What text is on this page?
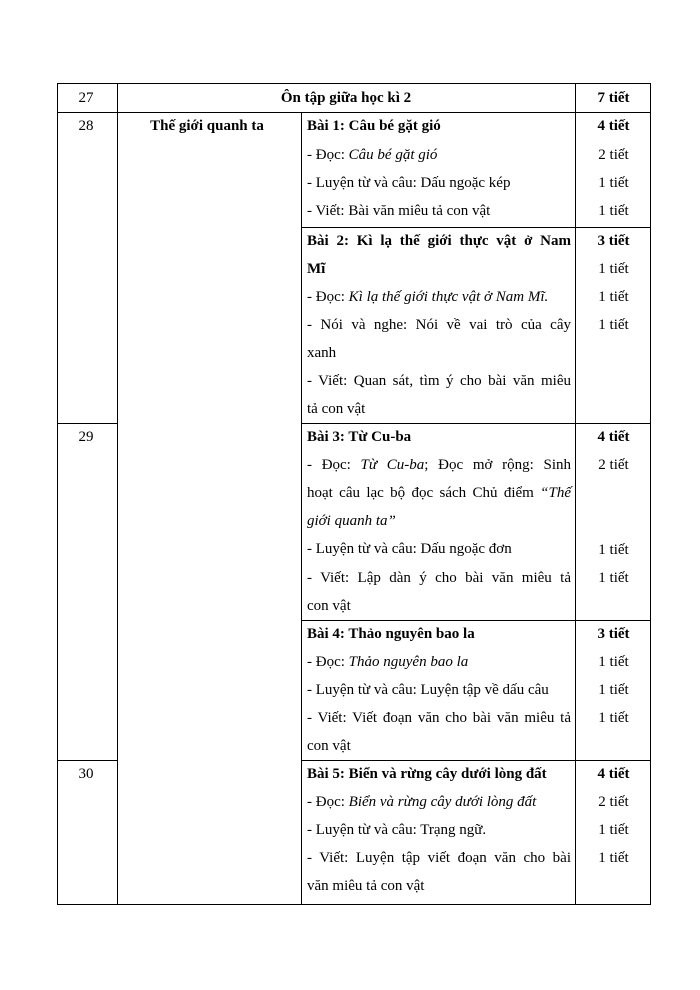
27	Ôn tập giữa học kì 2	7 tiết
28	Thế giới quanh ta	Bài 1: Câu bé gặt gió	4 tiết
- Đọc: Câu bé gặt gió	2 tiết
- Luyện từ và câu: Dấu ngoặc kép	1 tiết
- Viết: Bài văn miêu tả con vật	1 tiết
Bài 2: Kì lạ thế giới thực vật ở Nam	3 tiết
Mĩ	1 tiết
- Đọc: Kì lạ thế giới thực vật ở Nam Mĩ.	1 tiết
- Nói và nghe: Nói về vai trò của cây	1 tiết
xanh
- Viết: Quan sát, tìm ý cho bài văn miêu
tả con vật
29	Bài 3: Từ Cu-ba	4 tiết
- Đọc: Từ Cu-ba; Đọc mở rộng: Sinh	2 tiết
hoạt câu lạc bộ đọc sách Chủ điểm “Thế
giới quanh ta”
- Luyện từ và câu: Dấu ngoặc đơn	1 tiết
- Viết: Lập dàn ý cho bài văn miêu tả	1 tiết
con vật
Bài 4: Thảo nguyên bao la	3 tiết
- Đọc: Thảo nguyên bao la	1 tiết
- Luyện từ và câu: Luyện tập về dấu câu	1 tiết
- Viết: Viết đoạn văn cho bài văn miêu tả	1 tiết
con vật
30	Bài 5: Biển và rừng cây dưới lòng đất	4 tiết
- Đọc: Biển và rừng cây dưới lòng đất	2 tiết
- Luyện từ và câu: Trạng ngữ.	1 tiết
- Viết: Luyện tập viết đoạn văn cho bài	1 tiết
văn miêu tả con vật
